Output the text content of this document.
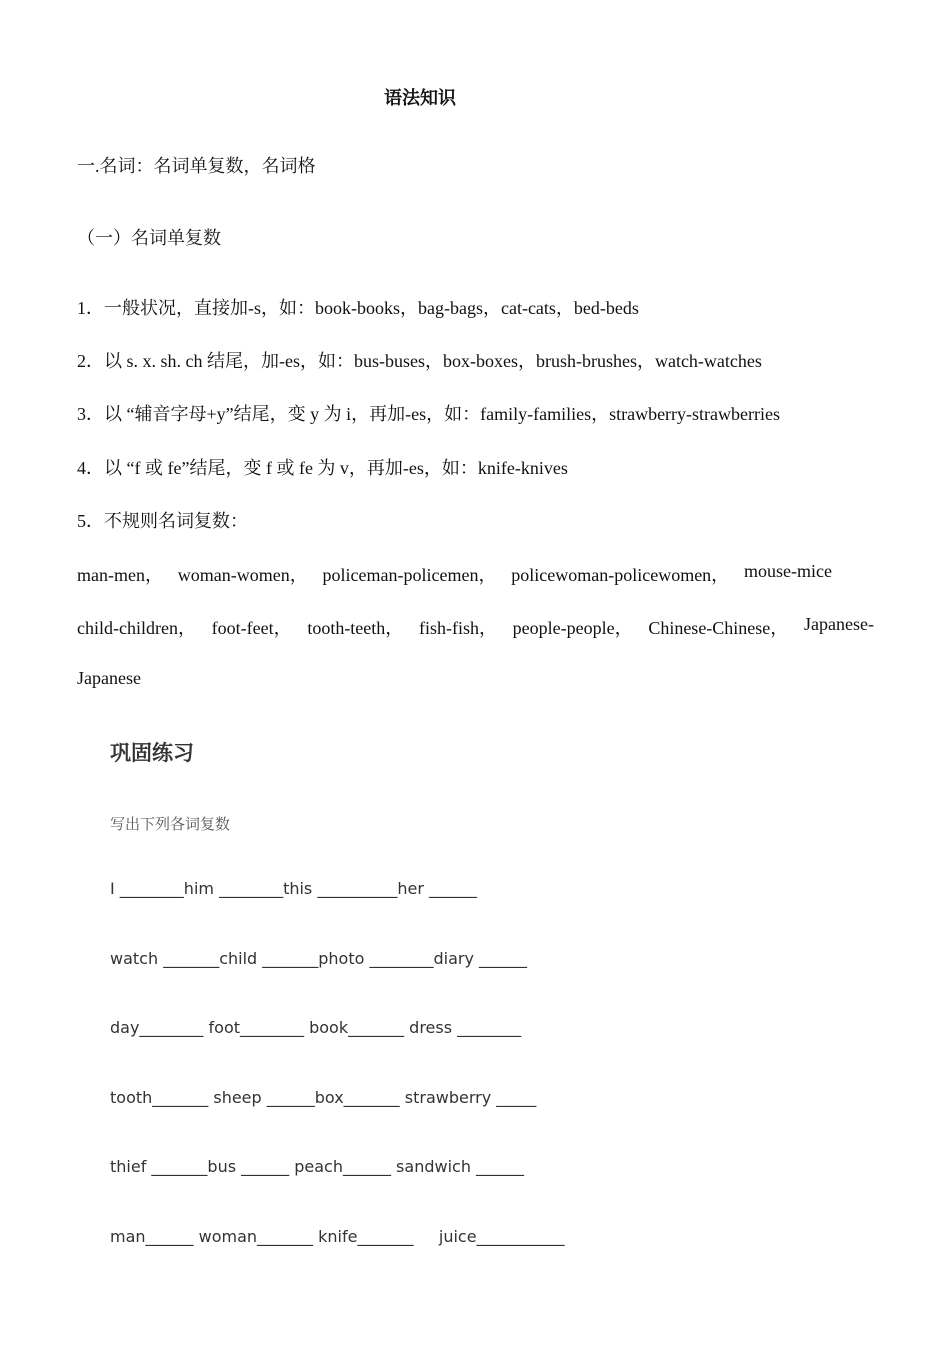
语法知识
一.名词：名词单复数，名词格
（一）名词单复数
1．一般状况，直接加-s，如：book-books，bag-bags，cat-cats，bed-beds
2．以 s. x. sh. ch 结尾，加-es，如：bus-buses，box-boxes，brush-brushes，watch-watches
3．以 “辅音字母+y”结尾，变 y 为 i，再加-es，如：family-families，strawberry-strawberries
4．以 “f 或 fe”结尾，变 f 或 fe 为 v，再加-es，如：knife-knives
5．不规则名词复数：
man-men， woman-women， policeman-policemen， policewoman-policewomen， mouse-mice
child-children， foot-feet， tooth-teeth， fish-fish， people-people， Chinese-Chinese， Japanese-
Japanese
巩固练习
写出下列各词复数
I ________him ________this __________her ______
watch _______child _______photo ________diary ______
day________ foot________ book_______ dress ________
tooth_______ sheep ______box_______ strawberry _____
thief _______bus ______ peach______ sandwich ______
man______ woman_______ knife_______     juice___________
